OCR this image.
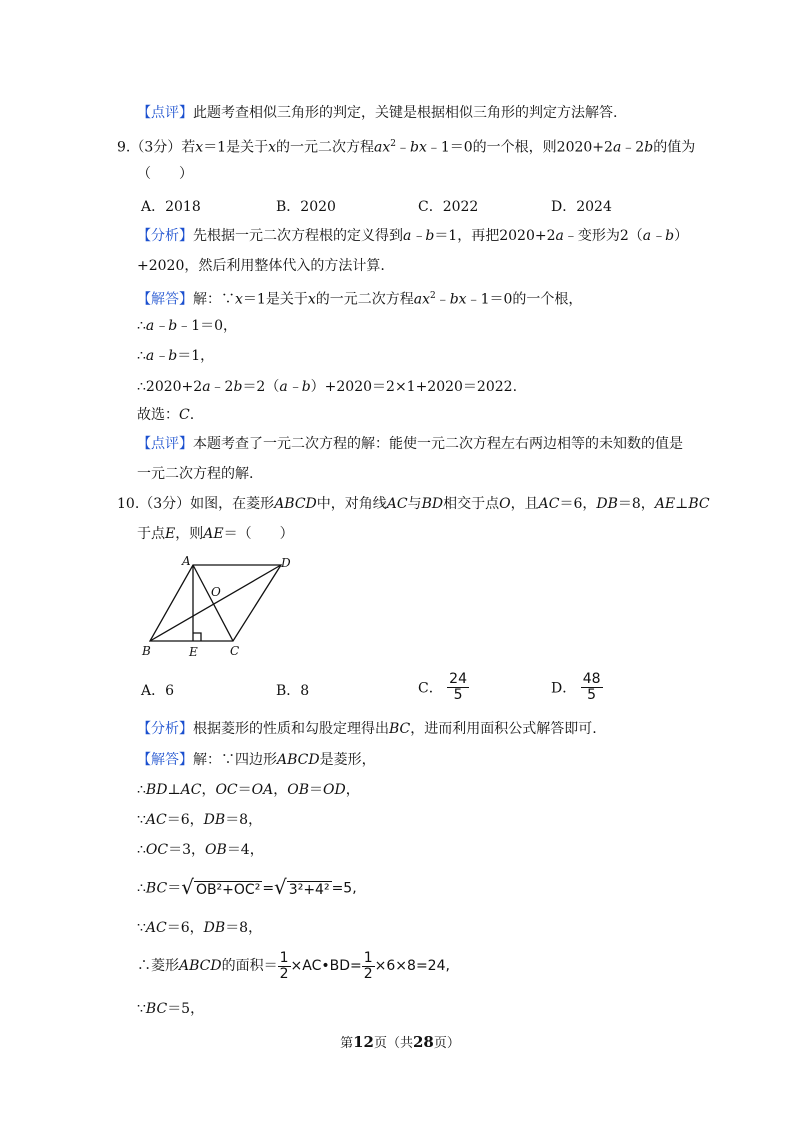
【点评】此题考查相似三角形的判定，关键是根据相似三角形的判定方法解答.
9.（3分）若x＝1是关于x的一元二次方程$ax^2﹣bx﹣1=0$的一个根，则2020+2a﹣2b的值为
（　　）
A．2018	B．2020	C．2022	D．2024
【分析】先根据一元二次方程根的定义得到a﹣b＝1，再把2020+2a﹣变形为2（a﹣b）
+2020，然后利用整体代入的方法计算.
【解答】解：∵x＝1是关于x的一元二次方程$ax^2﹣bx﹣1=0$的一个根，
∴a﹣b﹣1＝0，
∴a﹣b＝1，
∴2020+2a﹣2b＝2（a﹣b）+2020＝2×1+2020＝2022.
故选：C.
【点评】本题考查了一元二次方程的解：能使一元二次方程左右两边相等的未知数的值是
一元二次方程的解.
10.（3分）如图，在菱形ABCD中，对角线AC与BD相交于点O，且AC＝6，DB＝8，AE⊥BC
于点E，则AE＝（　　）
A	D
O
B	E	C
A．6	B．8	C． $\frac{24}{5}$	D． $\frac{48}{5}$
【分析】根据菱形的性质和勾股定理得出BC，进而利用面积公式解答即可.
【解答】解：∵四边形ABCD是菱形，
∴BD⊥AC，OC＝OA，OB＝OD，
∵AC＝6，DB＝8，
∴OC＝3，OB＝4，
∴BC＝√ OB²+OC² =√ 3²+4² =5,
∵AC＝6，DB＝8，
∴菱形ABCD的面积＝ $\frac{1}{2}$ ×AC•BD= $\frac{1}{2} \times 6\times 8=24$,
∵BC＝5，
第12页（共28页）
